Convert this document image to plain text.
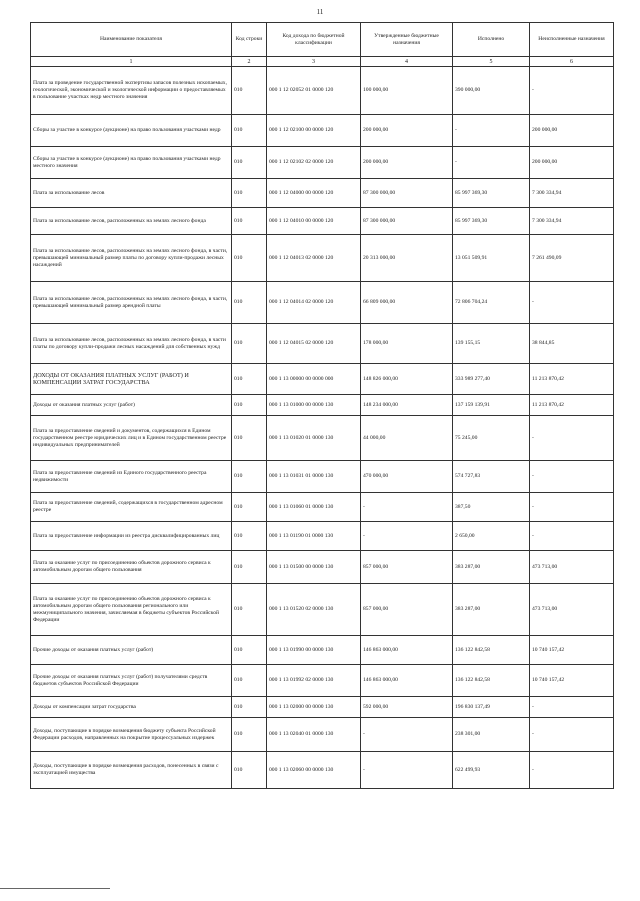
11
Наименование показателя	Код строки	Код дохода по бюджетной классификации	Утвержденные бюджетные назначения	Исполнено	Неисполненные назначения
1	2	3	4	5	6
Плата за проведение государственной экспертизы запасов полезных ископаемых, геологической, экономической и экологической информации о предоставляемых в пользование участках недр местного значения	010	000 1 12 02052 01 0000 120	100 000,00	390 000,00	-
Сборы за участие в конкурсе (аукционе) на право пользования участками недр	010	000 1 12 02100 00 0000 120	200 000,00	-	200 000,00
Сборы за участие в конкурсе (аукционе) на право пользования участками недр местного значения	010	000 1 12 02102 02 0000 120	200 000,00	-	200 000,00
Плата за использование лесов	010	000 1 12 04000 00 0000 120	87 300 000,00	85 997 369,30	7 300 334,94
Плата за использование лесов, расположенных на землях лесного фонда	010	000 1 12 04010 00 0000 120	87 300 000,00	85 997 369,30	7 300 334,94
Плата за использование лесов, расположенных на землях лесного фонда, в части, превышающей минимальный размер платы по договору купли-продажи лесных насаждений	010	000 1 12 04013 02 0000 120	20 313 000,00	13 051 509,91	7 261 490,09
Плата за использование лесов, расположенных на землях лесного фонда, в части, превышающей минимальный размер арендной платы	010	000 1 12 04014 02 0000 120	66 809 000,00	72 806 704,24	-
Плата за использование лесов, расположенных на землях лесного фонда, в части платы по договору купли-продажи лесных насаждений для собственных нужд	010	000 1 12 04015 02 0000 120	178 000,00	139 155,15	38 844,85
ДОХОДЫ ОТ ОКАЗАНИЯ ПЛАТНЫХ УСЛУГ (РАБОТ) И КОМПЕНСАЦИИ ЗАТРАТ ГОСУДАРСТВА	010	000 1 13 00000 00 0000 000	148 826 000,00	333 989 277,40	11 213 870,42
Доходы от оказания платных услуг (работ)	010	000 1 13 01000 00 0000 130	148 234 000,00	137 159 139,91	11 213 870,42
Плата за предоставление сведений и документов, содержащихся в Едином государственном реестре юридических лиц и в Едином государственном реестре индивидуальных предпринимателей	010	000 1 13 01020 01 0000 130	44 000,00	75 245,00	-
Плата за предоставление сведений из Единого государственного реестра недвижимости	010	000 1 13 01031 01 0000 130	470 000,00	574 727,83	-
Плата за предоставление сведений, содержащихся в государственном адресном реестре	010	000 1 13 01060 01 0000 130	-	387,50	-
Плата за предоставление информации из реестра дисквалифицированных лиц	010	000 1 13 01190 01 0000 130	-	2 650,00	-
Плата за оказание услуг по присоединению объектов дорожного сервиса к автомобильным дорогам общего пользования	010	000 1 13 01500 00 0000 130	857 000,00	383 287,00	473 713,00
Плата за оказание услуг по присоединению объектов дорожного сервиса к автомобильным дорогам общего пользования регионального или межмуниципального значения, зачисляемая в бюджеты субъектов Российской Федерации	010	000 1 13 01520 02 0000 130	857 000,00	383 287,00	473 713,00
Прочие доходы от оказания платных услуг (работ)	010	000 1 13 01990 00 0000 130	146 863 000,00	136 122 842,58	10 740 157,42
Прочие доходы от оказания платных услуг (работ) получателями средств бюджетов субъектов Российской Федерации	010	000 1 13 01992 02 0000 130	146 863 000,00	136 122 842,58	10 740 157,42
Доходы от компенсации затрат государства	010	000 1 13 02000 00 0000 130	592 000,00	196 830 137,49	-
Доходы, поступающие в порядке возмещения бюджету субъекта Российской Федерации расходов, направленных на покрытие процессуальных издержек	010	000 1 13 02040 01 0000 130	-	238 301,00	-
Доходы, поступающие в порядке возмещения расходов, понесенных в связи с эксплуатацией имущества	010	000 1 13 02060 00 0000 130	-	622 499,93	-
